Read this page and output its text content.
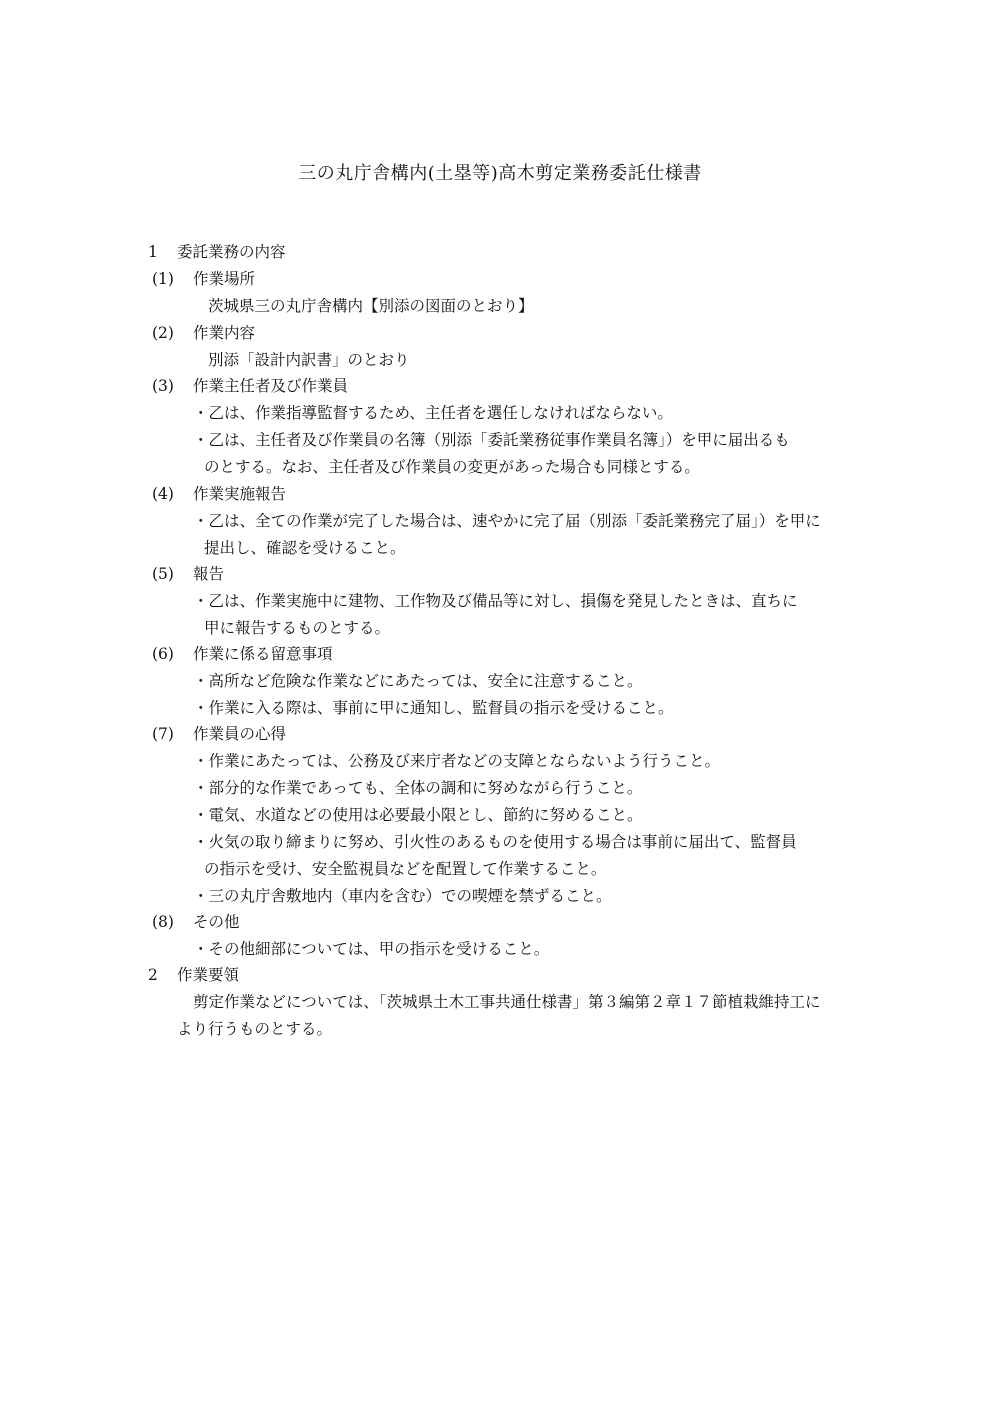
三の丸庁舎構内(土塁等)高木剪定業務委託仕様書
1 委託業務の内容
(1) 作業場所
茨城県三の丸庁舎構内【別添の図面のとおり】
(2) 作業内容
別添「設計内訳書」のとおり
(3) 作業主任者及び作業員
・乙は、作業指導監督するため、主任者を選任しなければならない。
・乙は、主任者及び作業員の名簿（別添「委託業務従事作業員名簿」）を甲に届出るも
のとする。なお、主任者及び作業員の変更があった場合も同様とする。
(4) 作業実施報告
・乙は、全ての作業が完了した場合は、速やかに完了届（別添「委託業務完了届」）を甲に
提出し、確認を受けること。
(5) 報告
・乙は、作業実施中に建物、工作物及び備品等に対し、損傷を発見したときは、直ちに
甲に報告するものとする。
(6) 作業に係る留意事項
・高所など危険な作業などにあたっては、安全に注意すること。
・作業に入る際は、事前に甲に通知し、監督員の指示を受けること。
(7) 作業員の心得
・作業にあたっては、公務及び来庁者などの支障とならないよう行うこと。
・部分的な作業であっても、全体の調和に努めながら行うこと。
・電気、水道などの使用は必要最小限とし、節約に努めること。
・火気の取り締まりに努め、引火性のあるものを使用する場合は事前に届出て、監督員
の指示を受け、安全監視員などを配置して作業すること。
・三の丸庁舎敷地内（車内を含む）での喫煙を禁ずること。
(8) その他
・その他細部については、甲の指示を受けること。
2 作業要領
剪定作業などについては、「茨城県土木工事共通仕様書」第３編第２章１７節植栽維持工に
より行うものとする。
